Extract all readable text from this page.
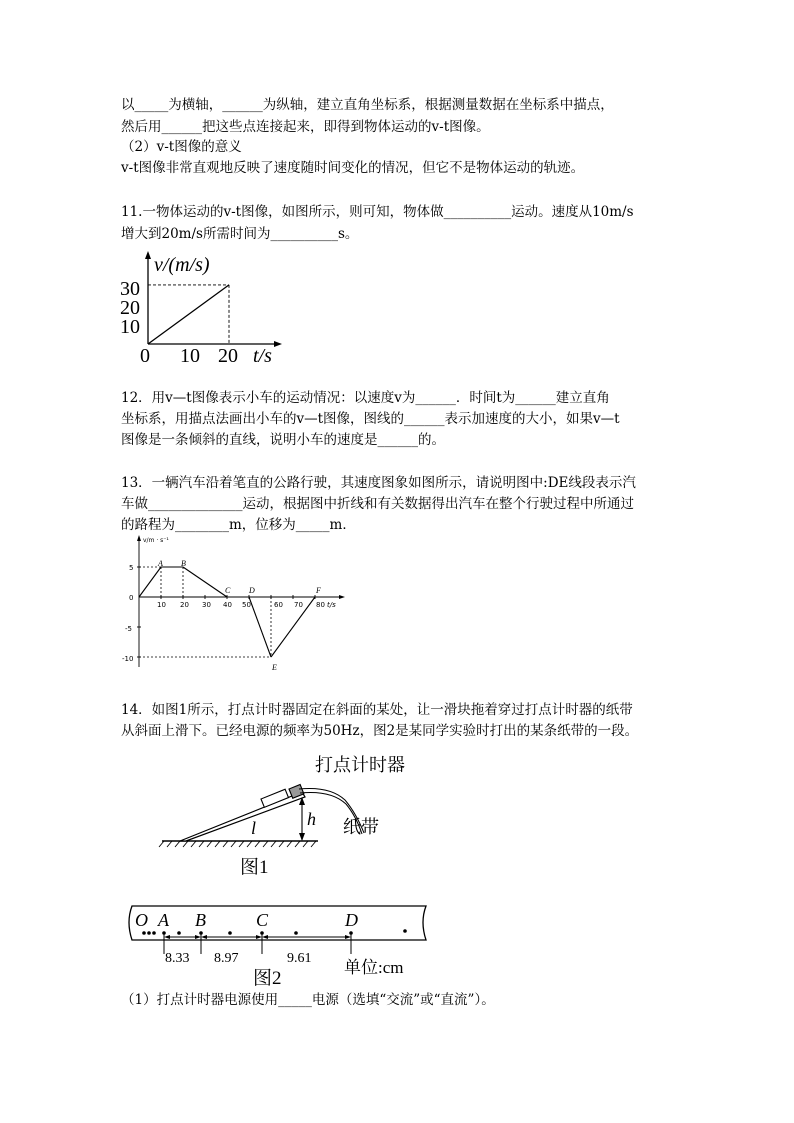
以_____为横轴，______为纵轴，建立直角坐标系，根据测量数据在坐标系中描点，
然后用______把这些点连接起来，即得到物体运动的v-t图像。
（2）v-t图像的意义
v-t图像非常直观地反映了速度随时间变化的情况，但它不是物体运动的轨迹。
11.一物体运动的v-t图像，如图所示，则可知，物体做__________运动。速度从10m/s
增大到20m/s所需时间为__________s。
v/(m/s)
30
20
10
0 10 20 t/s
12．用v—t图像表示小车的运动情况：以速度v为______．时间t为______建立直角
坐标系，用描点法画出小车的v—t图像，图线的______表示加速度的大小，如果v—t
图像是一条倾斜的直线，说明小车的速度是______的。
13．一辆汽车沿着笔直的公路行驶，其速度图象如图所示，请说明图中:DE线段表示汽
车做______________运动，根据图中折线和有关数据得出汽车在整个行驶过程中所通过
的路程为________m，位移为_____m．
v/m · s⁻¹
5
0
-5
-10
10 20 30 40 50	60 70 80 t/s
A B
C D
E
F
14．如图1所示，打点计时器固定在斜面的某处，让一滑块拖着穿过打点计时器的纸带
从斜面上滑下。已经电源的频率为50Hz，图2是某同学实验时打出的某条纸带的一段。
打点计时器
纸带
h
l
图1
O A B	C	D
8.33 8.97	9.61 单位:cm
图2
（1）打点计时器电源使用_____电源（选填“交流”或“直流”）。
